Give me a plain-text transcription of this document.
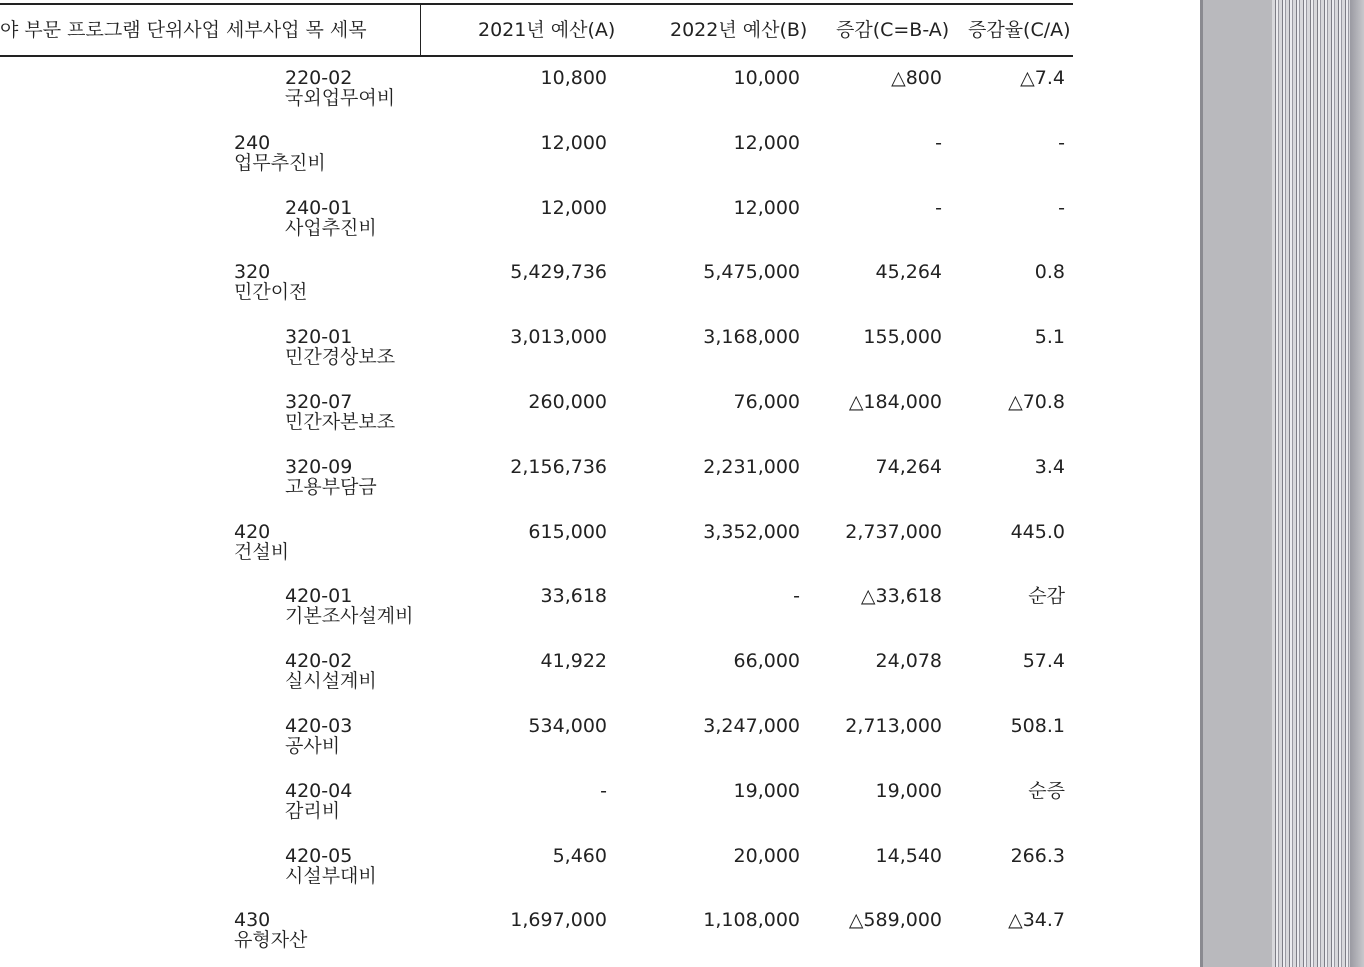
야 부문 프로그램 단위사업 세부사업 목 세목	2021년 예산(A)	2022년 예산(B) 증감(C=B-A) 증감율(C/A)
220-02
국외업무여비
10,800	10,000	△800	△7.4
240
업무추진비
12,000	12,000	-	-
240-01
사업추진비
12,000	12,000	-	-
320
민간이전
5,429,736	5,475,000	45,264	0.8
320-01
민간경상보조
3,013,000	3,168,000	155,000	5.1
320-07
민간자본보조
260,000	76,000	△184,000	△70.8
320-09
고용부담금
2,156,736	2,231,000	74,264	3.4
420
건설비
615,000	3,352,000 2,737,000	445.0
420-01
기본조사설계비
33,618	-	△33,618	순감
420-02
실시설계비
41,922	66,000	24,078	57.4
420-03
공사비
534,000	3,247,000 2,713,000	508.1
420-04
감리비
-	19,000	19,000	순증
420-05
시설부대비
5,460	20,000	14,540	266.3
430
유형자산
1,697,000	1,108,000	△589,000	△34.7
